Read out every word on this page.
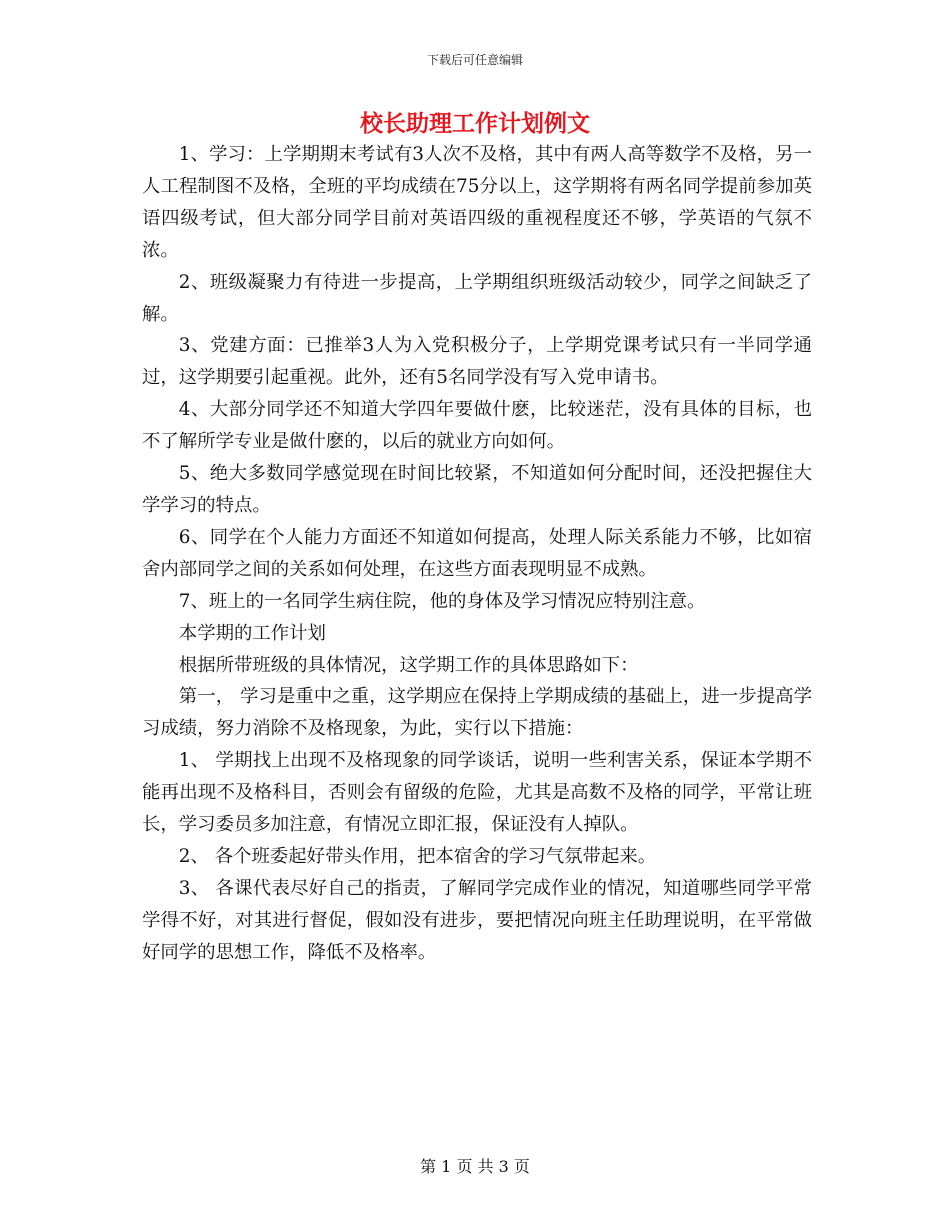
下载后可任意编辑
校长助理工作计划例文

1、学习：上学期期末考试有3人次不及格，其中有两人高等数学不及格，另一人工程制图不及格，全班的平均成绩在75分以上，这学期将有两名同学提前参加英语四级考试，但大部分同学目前对英语四级的重视程度还不够，学英语的气氛不浓。

2、班级凝聚力有待进一步提高，上学期组织班级活动较少，同学之间缺乏了解。

3、党建方面：已推举3人为入党积极分子，上学期党课考试只有一半同学通过，这学期要引起重视。此外，还有5名同学没有写入党申请书。

4、大部分同学还不知道大学四年要做什麽，比较迷茫，没有具体的目标，也不了解所学专业是做什麽的，以后的就业方向如何。

5、绝大多数同学感觉现在时间比较紧，不知道如何分配时间，还没把握住大学学习的特点。

6、同学在个人能力方面还不知道如何提高，处理人际关系能力不够，比如宿舍内部同学之间的关系如何处理，在这些方面表现明显不成熟。

7、班上的一名同学生病住院，他的身体及学习情况应特别注意。

本学期的工作计划

根据所带班级的具体情况，这学期工作的具体思路如下：

第一， 学习是重中之重，这学期应在保持上学期成绩的基础上，进一步提高学习成绩，努力消除不及格现象，为此，实行以下措施：

1、 学期找上出现不及格现象的同学谈话，说明一些利害关系，保证本学期不能再出现不及格科目，否则会有留级的危险，尤其是高数不及格的同学，平常让班长，学习委员多加注意，有情况立即汇报，保证没有人掉队。

2、 各个班委起好带头作用，把本宿舍的学习气氛带起来。

3、 各课代表尽好自己的指责，了解同学完成作业的情况，知道哪些同学平常学得不好，对其进行督促，假如没有进步，要把情况向班主任助理说明，在平常做好同学的思想工作，降低不及格率。

第 1 页 共 3 页
